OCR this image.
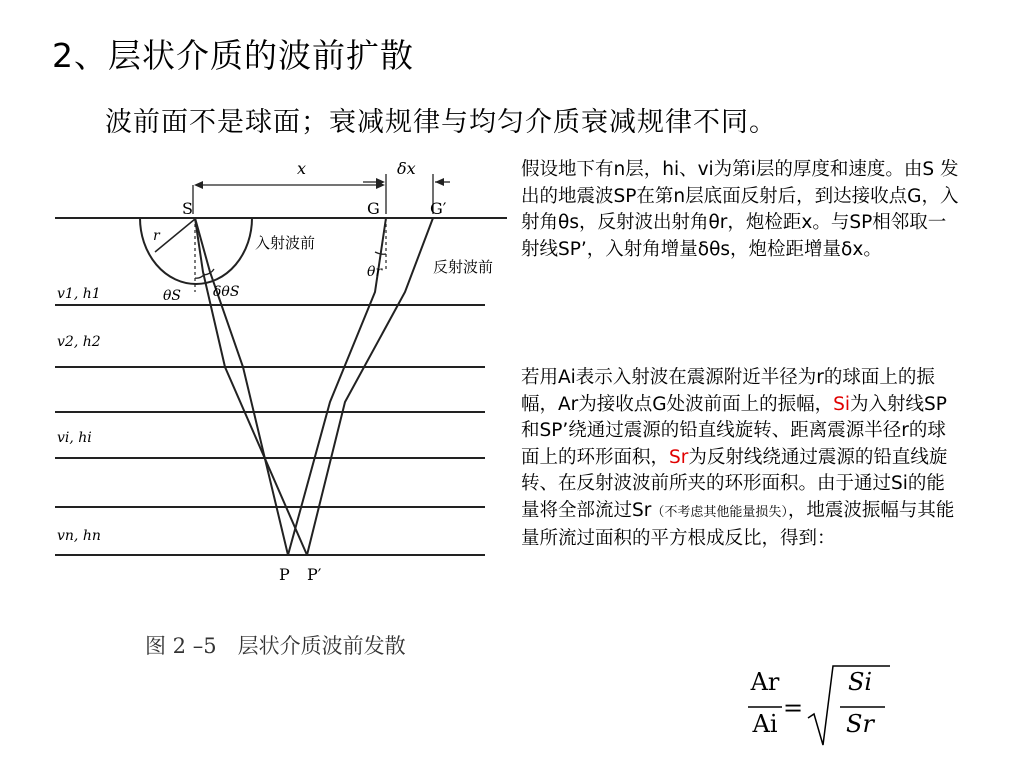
2、层状介质的波前扩散
波前面不是球面；衰减规律与均匀介质衰减规律不同。
x	δx
S	G	G′
P P′
r
θS δθS
θr
v1, h1
v2, h2
vi, hi
vn, hn
入射波前
反射波前
图 2 –5　层状介质波前发散
假设地下有n层，hi、vi为第i层的厚度和速度。由S 发出的地震波SP在第n层底面反射后，到达接收点G，入射角θs，反射波出射角θr，炮检距x。与SP相邻取一射线SP’，入射角增量δθs，炮检距增量δx。
若用Ai表示入射波在震源附近半径为r的球面上的振幅，Ar为接收点G处波前面上的振幅，Si为入射线SP和SP’绕通过震源的铅直线旋转、距离震源半径r的球面上的环形面积，Sr为反射线绕通过震源的铅直线旋转、在反射波波前所夹的环形面积。由于通过Si的能量将全部流过Sr（不考虑其他能量损失），地震波振幅与其能量所流过面积的平方根成反比，得到：
Ar
Ai
=
Si
Sr
